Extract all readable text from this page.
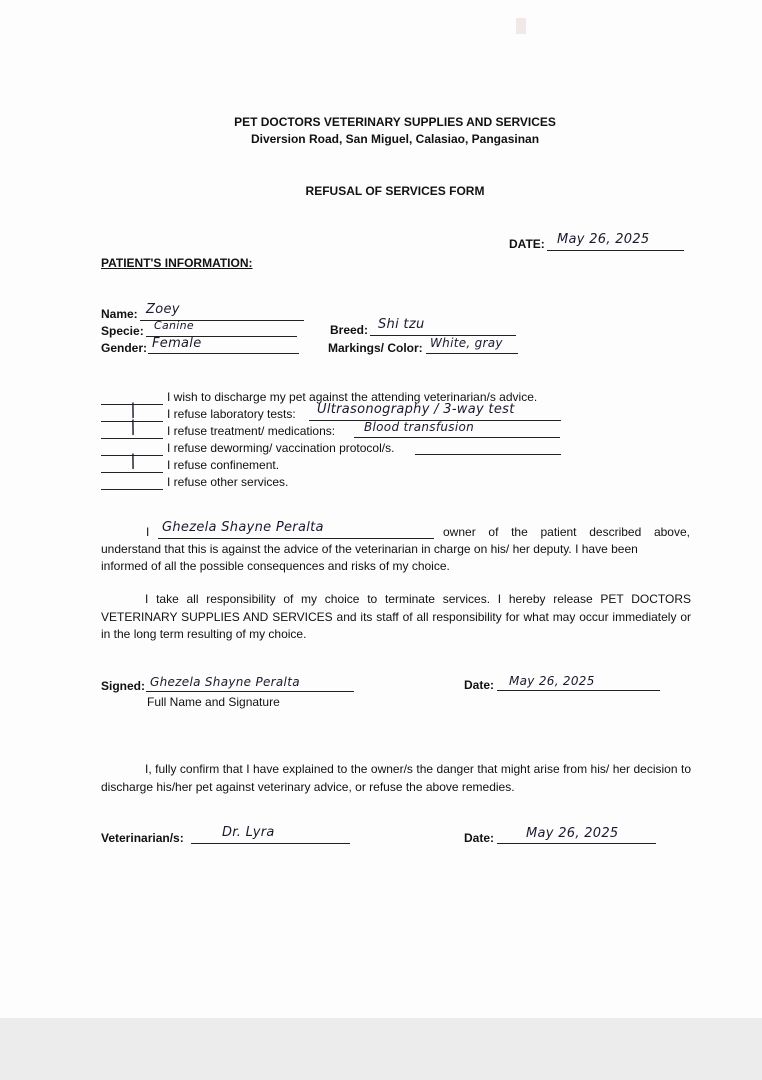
PET DOCTORS VETERINARY SUPPLIES AND SERVICES
Diversion Road, San Miguel, Calasiao, Pangasinan
REFUSAL OF SERVICES FORM
DATE: May 26, 2025
PATIENT'S INFORMATION:
Name: Zoey
Specie: Canine
Gender: Female
Breed: Shi tzu
Markings/ Color: White, gray
I wish to discharge my pet against the attending veterinarian/s advice.
/ I refuse laboratory tests: Ultrasonography / 3-way test
/ I refuse treatment/ medications: Blood transfusion
I refuse deworming/ vaccination protocol/s.
/ I refuse confinement.
I refuse other services.
I Ghezela Shayne Peralta	owner of the patient described above,
understand that this is against the advice of the veterinarian in charge on his/ her deputy. I have been
informed of all the possible consequences and risks of my choice.
I take all responsibility of my choice to terminate services. I hereby release PET DOCTORS VETERINARY SUPPLIES AND SERVICES and its staff of all responsibility for what may occur immediately or in the long term resulting of my choice.
Signed: Ghezela Shayne Peralta
Full Name and Signature
Date: May 26, 2025
I, fully confirm that I have explained to the owner/s the danger that might arise from his/ her decision to discharge his/her pet against veterinary advice, or refuse the above remedies.
Veterinarian/s:	Dr. Lyra	Date: May 26, 2025
